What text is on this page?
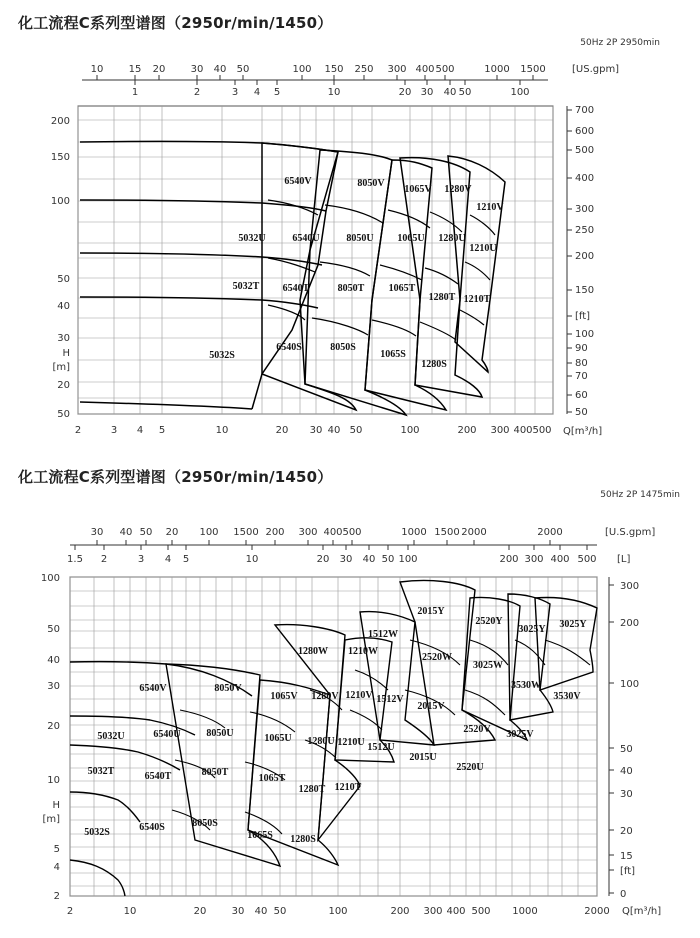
化工流程C系列型谱图（2950r/min/1450）
50Hz 2P 2950min
化工流程C系列型谱图（2950r/min/1450）
50Hz 2P 1475min
700
600
500
400
300
250
200
150
[ft]
100
90
80
70
60
50
200
150
100
50
40
30
H
[m]
20
50
2	3 4 5	10	20 30 40 50	100	200 300 400 500 Q[m³/h]
10	15 20	30 40 50	100 150 250 300 400 500	1000 1500	[US.gpm]
1	2	3 4 5	10	20 30 40 50	100
6540V	8050V
1065V 1280V
1210V
5032U	6540U	8050U 1065U 1280U
1210U
5032T 6540T	8050T 1065T
1280T 1210T
5032S
6540S	8050S
1065S
1280S
300
200
100
50
40
30
20
15
[ft]
0
100
50
40
30
20
10
H
[m]
5
4
2
2	10	20	30 40 50	100	200 300 400 500 1000	2000 Q[m³/h]
30 40 50 20 100 1500 200 300 400 500	1000 1500 2000	2000	[U.S.gpm]
1.5 2	3 4 5	10	20 30 40 50 100	200 300 400 500 [L]
2015Y
2520Y
3025Y 3025Y
1512W
1280W 1210W
2520W
3025W
3530W
6540V	8050V
1065V 1280V 1210V 1512V
2015V
3530V
2520V 3025V
5032U	6540U	8050U	1065U 1280U 1210U 1512U
2015U
2520U
5032T	6540T	8050T
1065T
1280T 1210T
5032S	6540S	8050S
1065S 1280S
